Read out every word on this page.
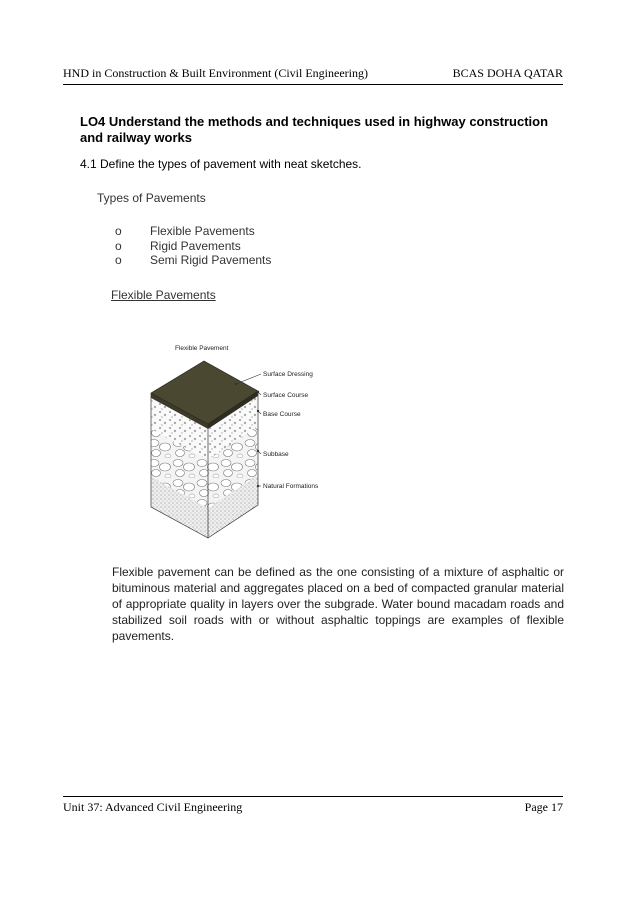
HND in Construction & Built Environment (Civil Engineering)	BCAS DOHA QATAR
LO4 Understand the methods and techniques used in highway construction and railway works
4.1 Define the types of pavement with neat sketches.
Types of Pavements
o	Flexible Pavements
o	Rigid Pavements
o	Semi Rigid Pavements
Flexible Pavements
Flexible Pavement
Surface Dressing
Surface Course
Base Course
Subbase
Natural Formations
Flexible pavement can be defined as the one consisting of a mixture of asphaltic or bituminous material and aggregates placed on a bed of compacted granular material of appropriate quality in layers over the subgrade. Water bound macadam roads and stabilized soil roads with or without asphaltic toppings are examples of flexible pavements.
Unit 37: Advanced Civil Engineering	Page 17
